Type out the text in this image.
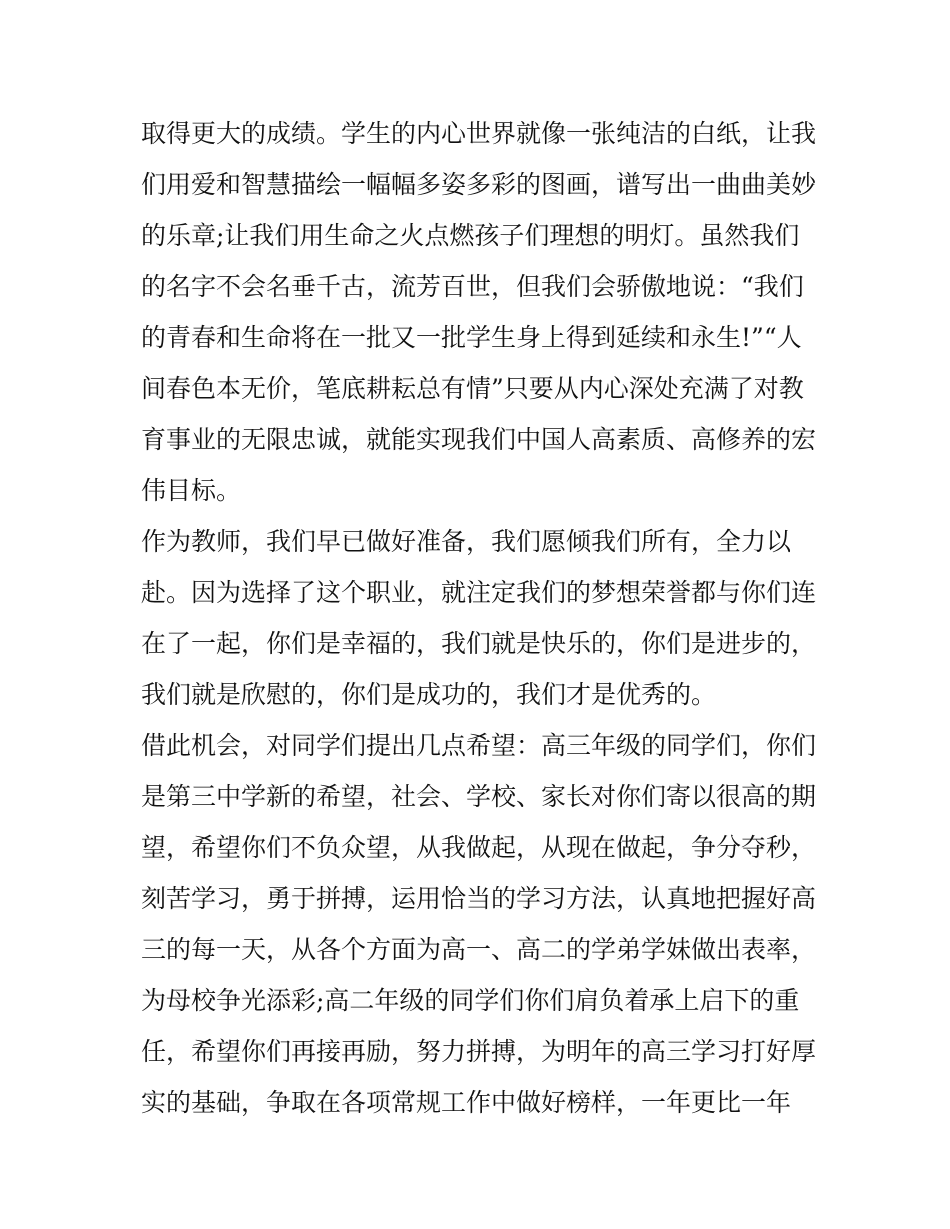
取得更大的成绩。学生的内心世界就像一张纯洁的白纸，让我
们用爱和智慧描绘一幅幅多姿多彩的图画，谱写出一曲曲美妙
的乐章;让我们用生命之火点燃孩子们理想的明灯。虽然我们
的名字不会名垂千古，流芳百世，但我们会骄傲地说：“我们
的青春和生命将在一批又一批学生身上得到延续和永生!”“人
间春色本无价，笔底耕耘总有情”只要从内心深处充满了对教
育事业的无限忠诚，就能实现我们中国人高素质、高修养的宏
伟目标。
作为教师，我们早已做好准备，我们愿倾我们所有，全力以
赴。因为选择了这个职业，就注定我们的梦想荣誉都与你们连
在了一起，你们是幸福的，我们就是快乐的，你们是进步的，
我们就是欣慰的，你们是成功的，我们才是优秀的。
借此机会，对同学们提出几点希望：高三年级的同学们，你们
是第三中学新的希望，社会、学校、家长对你们寄以很高的期
望，希望你们不负众望，从我做起，从现在做起，争分夺秒，
刻苦学习，勇于拼搏，运用恰当的学习方法，认真地把握好高
三的每一天，从各个方面为高一、高二的学弟学妹做出表率，
为母校争光添彩;高二年级的同学们你们肩负着承上启下的重
任，希望你们再接再励，努力拼搏，为明年的高三学习打好厚
实的基础，争取在各项常规工作中做好榜样，一年更比一年
